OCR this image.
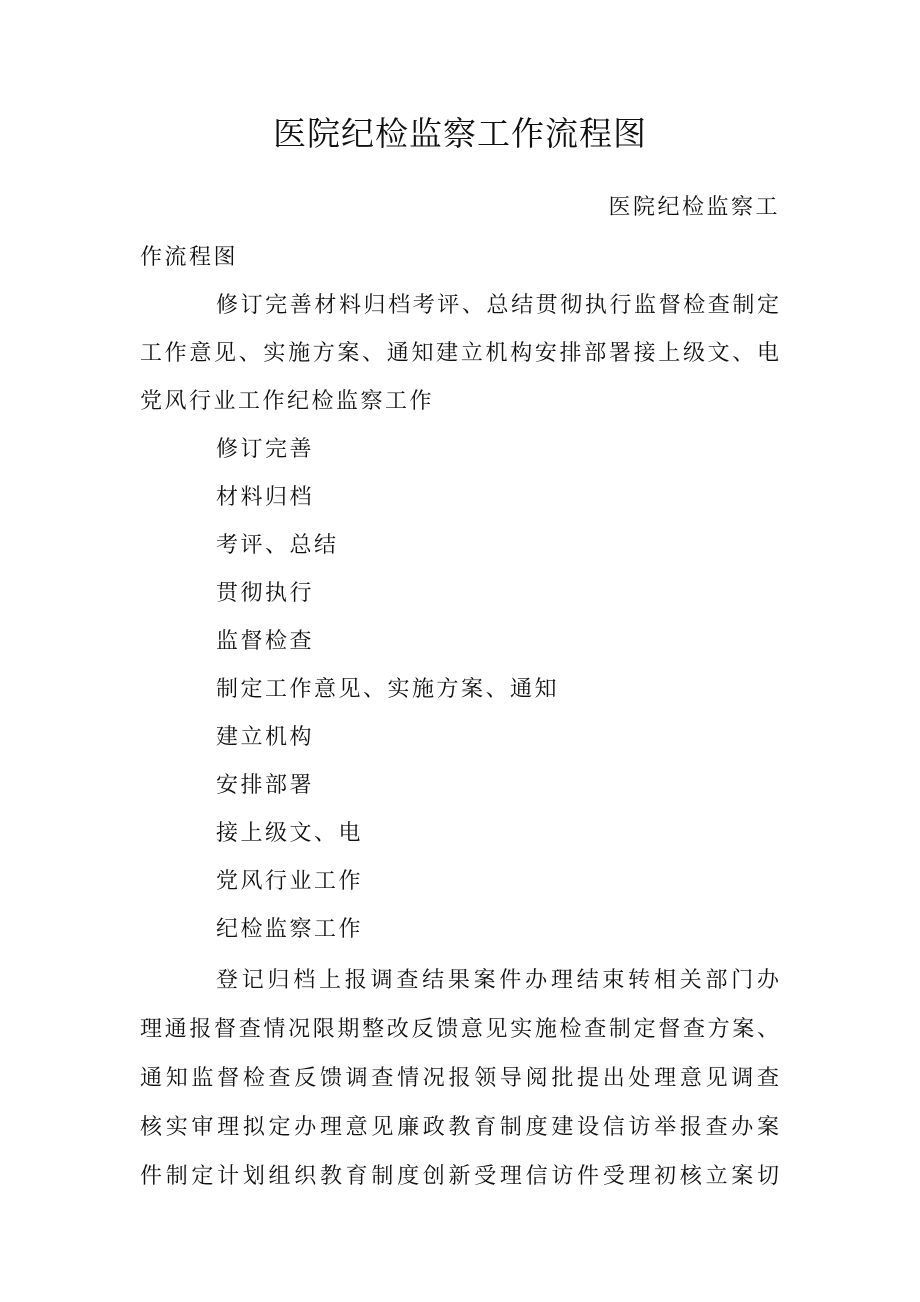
医院纪检监察工作流程图
医院纪检监察工
作流程图
修订完善材料归档考评、总结贯彻执行监督检查制定
工作意见、实施方案、通知建立机构安排部署接上级文、电
党风行业工作纪检监察工作
修订完善
材料归档
考评、总结
贯彻执行
监督检查
制定工作意见、实施方案、通知
建立机构
安排部署
接上级文、电
党风行业工作
纪检监察工作
登记归档上报调查结果案件办理结束转相关部门办
理通报督查情况限期整改反馈意见实施检查制定督查方案、
通知监督检查反馈调查情况报领导阅批提出处理意见调查
核实审理拟定办理意见廉政教育制度建设信访举报查办案
件制定计划组织教育制度创新受理信访件受理初核立案切
